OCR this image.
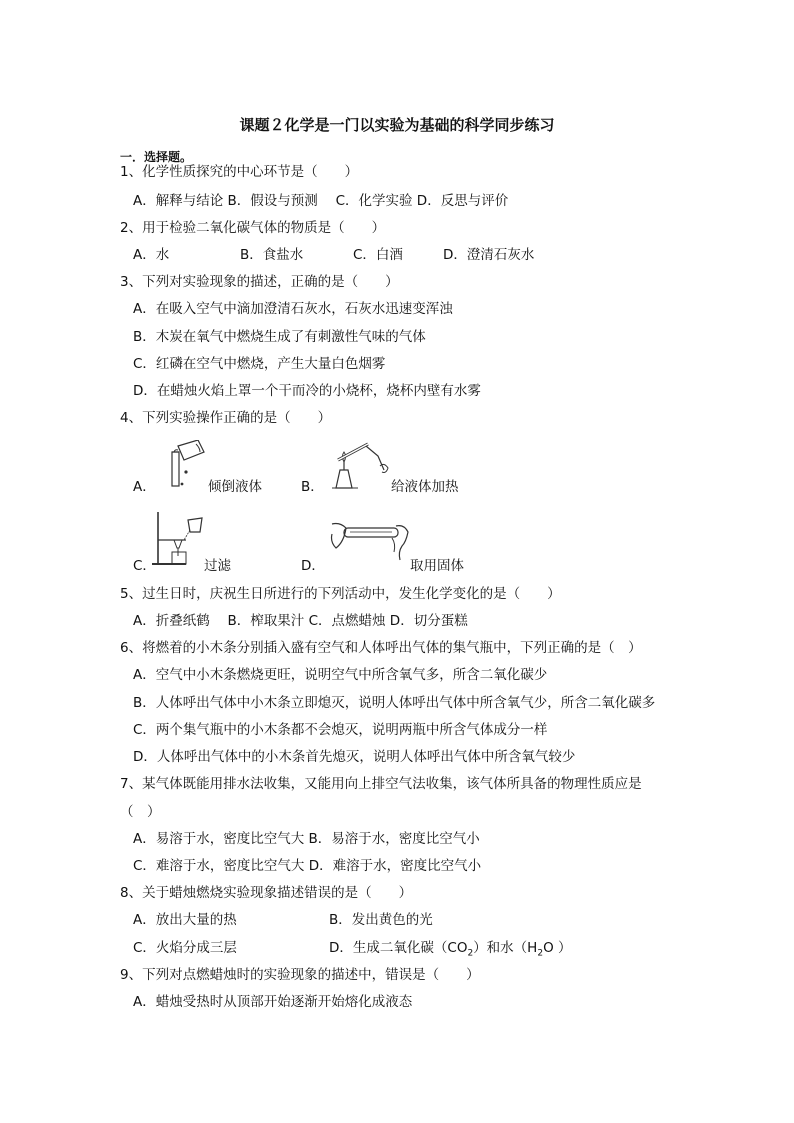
课题２化学是一门以实验为基础的科学同步练习
一．选择题。
1、化学性质探究的中心环节是（　　）
A．解释与结论 B．假设与预测　 C．化学实验 D．反思与评价
2、用于检验二氧化碳气体的物质是（　　）
A．水	B．食盐水	C．白酒	D．澄清石灰水
3、下列对实验现象的描述，正确的是（　　）
A．在吸入空气中滴加澄清石灰水，石灰水迅速变浑浊
B．木炭在氧气中燃烧生成了有刺激性气味的气体
C．红磷在空气中燃烧，产生大量白色烟雾
D．在蜡烛火焰上罩一个干而冷的小烧杯，烧杯内壁有水雾
4、下列实验操作正确的是（　　）
A．	倾倒液体	B．	给液体加热
C．	过滤	D．	取用固体
5、过生日时，庆祝生日所进行的下列活动中，发生化学变化的是（　　）
A．折叠纸鹤　 B．榨取果汁 C．点燃蜡烛 D．切分蛋糕
6、将燃着的小木条分别插入盛有空气和人体呼出气体的集气瓶中，下列正确的是（　）
A．空气中小木条燃烧更旺，说明空气中所含氧气多，所含二氧化碳少
B．人体呼出气体中小木条立即熄灭，说明人体呼出气体中所含氧气少，所含二氧化碳多
C．两个集气瓶中的小木条都不会熄灭，说明两瓶中所含气体成分一样
D．人体呼出气体中的小木条首先熄灭，说明人体呼出气体中所含氧气较少
7、某气体既能用排水法收集，又能用向上排空气法收集，该气体所具备的物理性质应是
（　）
A．易溶于水，密度比空气大 B．易溶于水，密度比空气小
C．难溶于水，密度比空气大 D．难溶于水，密度比空气小
8、关于蜡烛燃烧实验现象描述错误的是（　　）
A．放出大量的热	B．发出黄色的光
C．火焰分成三层	D．生成二氧化碳$(CO_2)$和水（$H_2O$ ）
9、下列对点燃蜡烛时的实验现象的描述中，错误是（　　）
A．蜡烛受热时从顶部开始逐渐开始熔化成液态
